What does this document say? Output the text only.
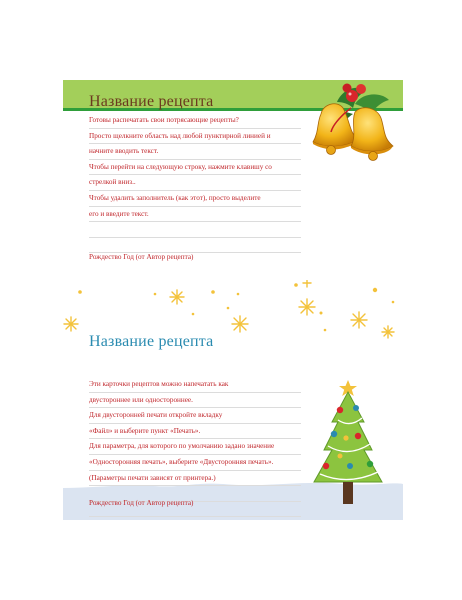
Название рецепта
Готовы распечатать свои потрясающие рецепты?
Просто щелкните область над любой пунктирной линией и
начните вводить текст.
Чтобы перейти на следующую строку, нажмите клавишу со
стрелкой вниз..
Чтобы удалить заполнитель (как этот), просто выделите
его и введите текст.
Рождество Год (от Автор рецепта)
Название рецепта
Эти карточки рецептов можно напечатать как
двустороннее или одностороннее.
Для двусторонней печати откройте вкладку
«Файл» и выберите пункт «Печать».
Для параметра, для которого по умолчанию задано значение
«Односторонняя печать», выберите «Двусторонняя печать».
(Параметры печати зависят от принтера.)
Рождество Год (от Автор рецепта)
